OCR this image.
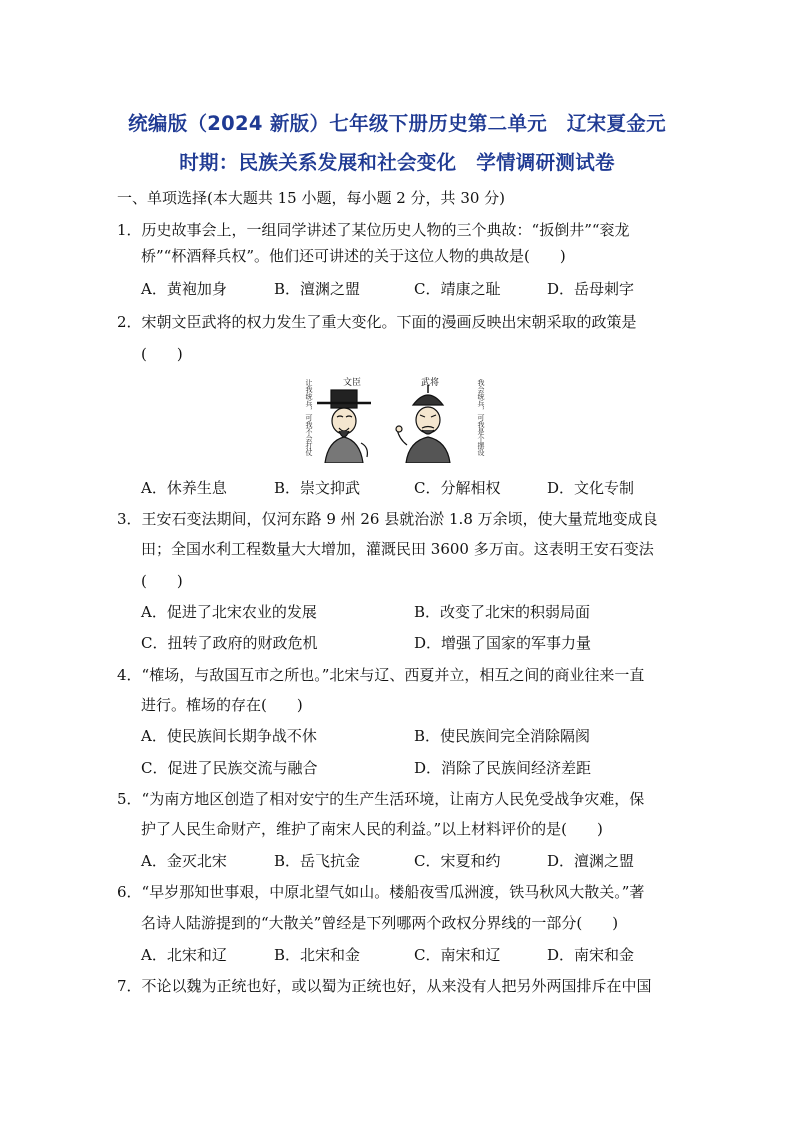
统编版（2024 新版）七年级下册历史第二单元　辽宋夏金元
时期：民族关系发展和社会变化　学情调研测试卷
一、单项选择(本大题共 15 小题，每小题 2 分，共 30 分)
1．历史故事会上，一组同学讲述了某位历史人物的三个典故：“扳倒井”“衮龙
桥”“杯酒释兵权”。他们还可讲述的关于这位人物的典故是(　　)
A．黄袍加身	B．澶渊之盟	C．靖康之耻	D．岳母刺字
2．宋朝文臣武将的权力发生了重大变化。下面的漫画反映出宋朝采取的政策是
(　　)
让我统兵，可我不会打仗	我会统兵，可我是个摆设
文臣	武将
A．休养生息	B．崇文抑武	C．分解相权	D．文化专制
3．王安石变法期间，仅河东路 9 州 26 县就治淤 1.8 万余顷，使大量荒地变成良
田；全国水利工程数量大大增加，灌溉民田 3600 多万亩。这表明王安石变法
(　　)
A．促进了北宋农业的发展	B．改变了北宋的积弱局面
C．扭转了政府的财政危机	D．增强了国家的军事力量
4．“榷场，与敌国互市之所也。”北宋与辽、西夏并立，相互之间的商业往来一直
进行。榷场的存在(　　)
A．使民族间长期争战不休	B．使民族间完全消除隔阂
C．促进了民族交流与融合	D．消除了民族间经济差距
5．“为南方地区创造了相对安宁的生产生活环境，让南方人民免受战争灾难，保
护了人民生命财产，维护了南宋人民的利益。”以上材料评价的是(　　)
A．金灭北宋	B．岳飞抗金	C．宋夏和约	D．澶渊之盟
6．“早岁那知世事艰，中原北望气如山。楼船夜雪瓜洲渡，铁马秋风大散关。”著
名诗人陆游提到的“大散关”曾经是下列哪两个政权分界线的一部分(　　)
A．北宋和辽	B．北宋和金	C．南宋和辽	D．南宋和金
7．不论以魏为正统也好，或以蜀为正统也好，从来没有人把另外两国排斥在中国
